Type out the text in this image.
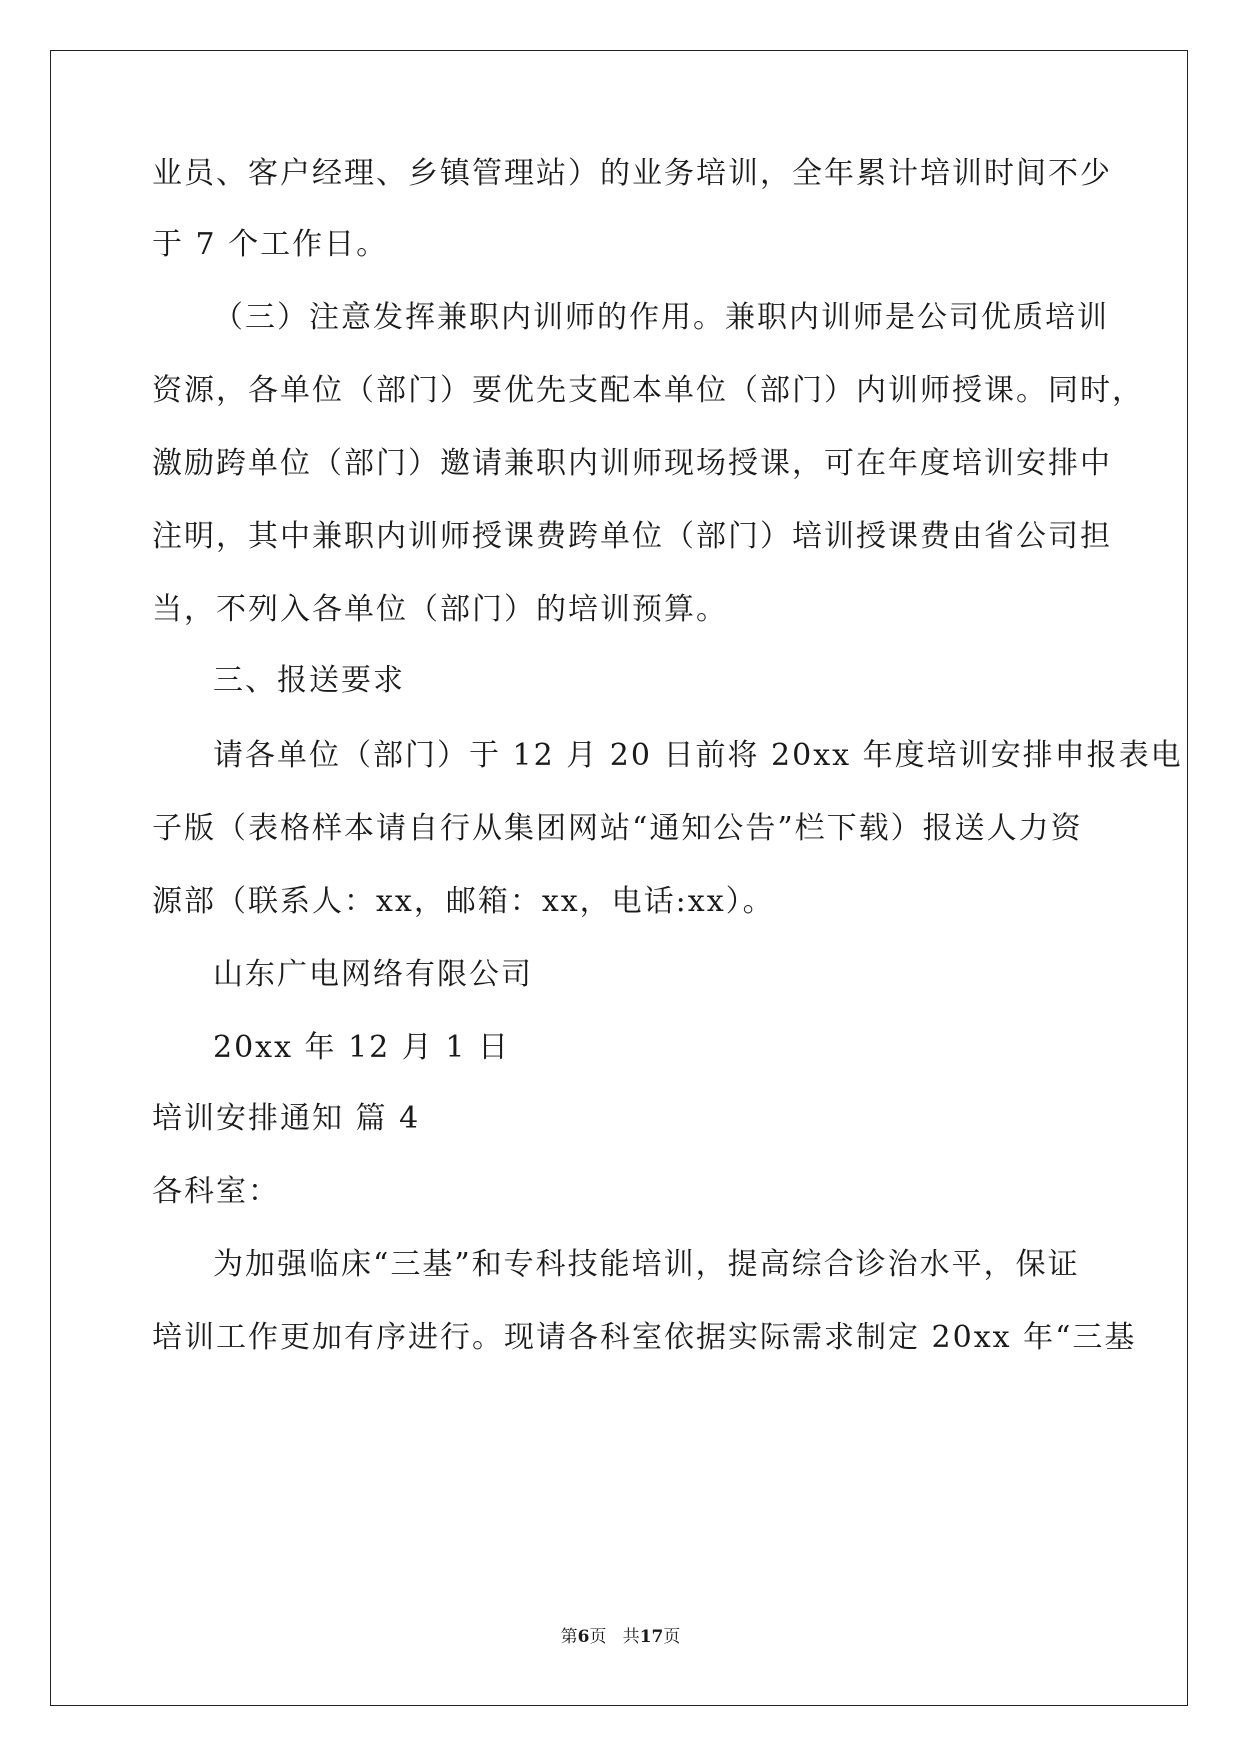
业员、客户经理、乡镇管理站）的业务培训，全年累计培训时间不少
于 7 个工作日。
（三）注意发挥兼职内训师的作用。兼职内训师是公司优质培训
资源，各单位（部门）要优先支配本单位（部门）内训师授课。同时，
激励跨单位（部门）邀请兼职内训师现场授课，可在年度培训安排中
注明，其中兼职内训师授课费跨单位（部门）培训授课费由省公司担
当，不列入各单位（部门）的培训预算。
三、报送要求
请各单位（部门）于 12 月 20 日前将 20xx 年度培训安排申报表电
子版（表格样本请自行从集团网站“通知公告”栏下载）报送人力资
源部（联系人：xx，邮箱：xx，电话:xx）。
山东广电网络有限公司
20xx 年 12 月 1 日
培训安排通知 篇 4
各科室：
为加强临床“三基”和专科技能培训，提高综合诊治水平，保证
培训工作更加有序进行。现请各科室依据实际需求制定 20xx 年“三基
第6页   共17页
